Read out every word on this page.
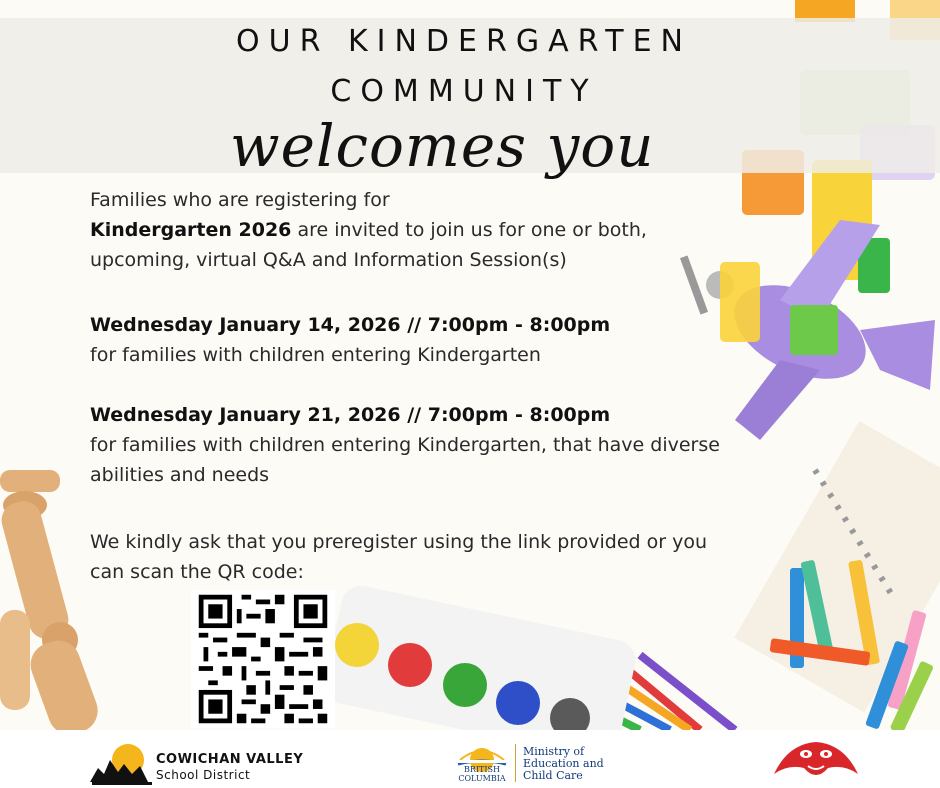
OUR KINDERGARTEN
COMMUNITY
welcomes you
Families who are registering for
Kindergarten 2026 are invited to join us for one or both, upcoming, virtual Q&A and Information Session(s)
Wednesday January 14, 2026 // 7:00pm - 8:00pm
for families with children entering Kindergarten
Wednesday January 21, 2026 // 7:00pm - 8:00pm
for families with children entering Kindergarten, that have diverse abilities and needs
We kindly ask that you preregister using the link provided or you can scan the QR code:
COWICHAN VALLEY
School District	BRITISH
COLUMBIA
Ministry of
Education and
Child Care
